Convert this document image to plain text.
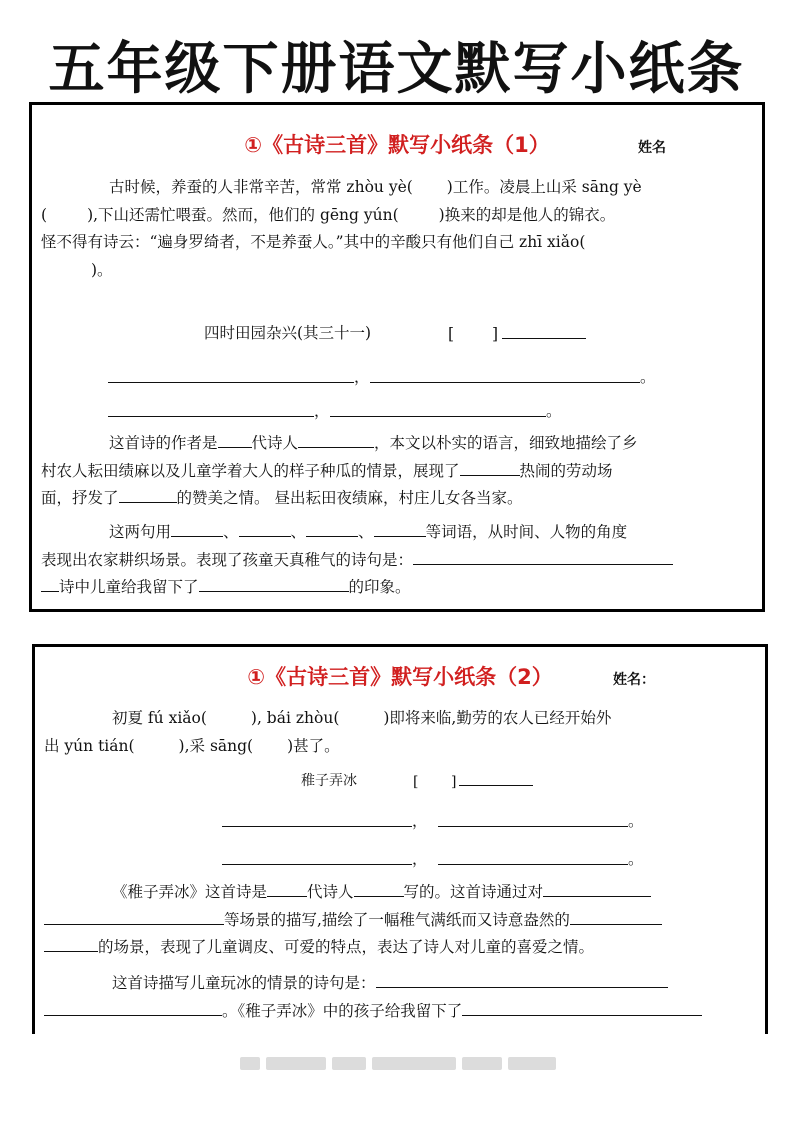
五年级下册语文默写小纸条
①《古诗三首》默写小纸条（1）	姓名

古时候，养蚕的人非常辛苦，常常 zhòu yè( )工作。凌晨上山采 sāng yè
(	),下山还需忙喂蚕。然而，他们的 gēng yún(	)换来的却是他人的锦衣。
怪不得有诗云：“遍身罗绮者，不是养蚕人。”其中的辛酸只有他们自己 zhī xiǎo(
)。

四时田园杂兴(其三十一)	[ ]
，	。
，	。

这首诗的作者是 代诗人	，本文以朴实的语言，细致地描绘了乡
村农人耘田绩麻以及儿童学着大人的样子种瓜的情景，展现了	热闹的劳动场
面，抒发了	的赞美之情。 昼出耘田夜绩麻，村庄儿女各当家。

这两句用	、	、	、	等词语，从时间、人物的角度
表现出农家耕织场景。表现了孩童天真稚气的诗句是：
诗中儿童给我留下了	的印象。

①《古诗三首》默写小纸条（2）	姓名：

初夏 fú xiǎo(	), bái zhòu(	)即将来临,勤劳的农人已经开始外
出 yún tián(	),采 sāng( )甚了。

稚子弄冰	[ ]
，	。
，	。

《稚子弄冰》这首诗是	代诗人	写的。这首诗通过对
等场景的描写,描绘了一幅稚气满纸而又诗意盎然的
的场景，表现了儿童调皮、可爱的特点，表达了诗人对儿童的喜爱之情。

这首诗描写儿童玩冰的情景的诗句是：
。《稚子弄冰》中的孩子给我留下了
